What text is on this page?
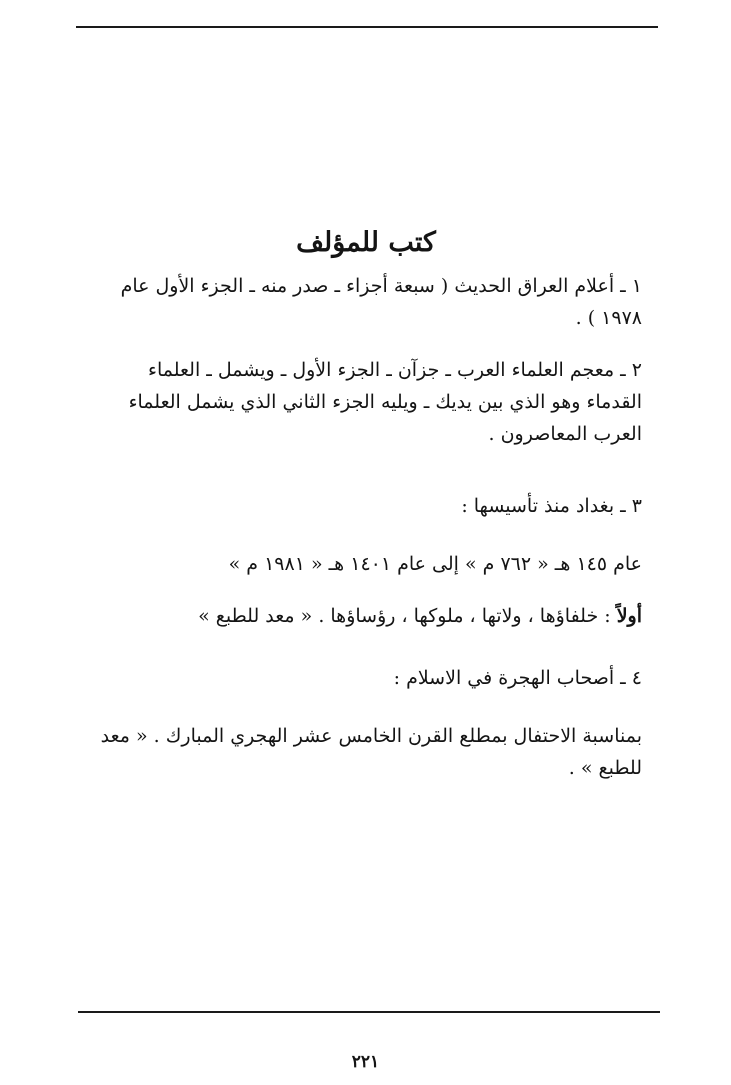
كتب للمؤلف

١ ـ أعلام العراق الحديث ( سبعة أجزاء ـ صدر منه ـ الجزء الأول عام ١٩٧٨ ) .

٢ ـ معجم العلماء العرب ـ جزآن ـ الجزء الأول ـ ويشمل ـ العلماء القدماء وهو الذي بين يديك ـ ويليه الجزء الثاني الذي يشمل العلماء العرب المعاصرون .

٣ ـ بغداد منذ تأسيسها :

عام ١٤٥ هـ « ٧٦٢ م » إلى عام ١٤٠١ هـ « ١٩٨١ م »

أولاً : خلفاؤها ، ولاتها ، ملوكها ، رؤساؤها . « معد للطبع »

٤ ـ أصحاب الهجرة في الاسلام :

بمناسبة الاحتفال بمطلع القرن الخامس عشر الهجري المبارك . « معد للطبع » .

٢٢١
